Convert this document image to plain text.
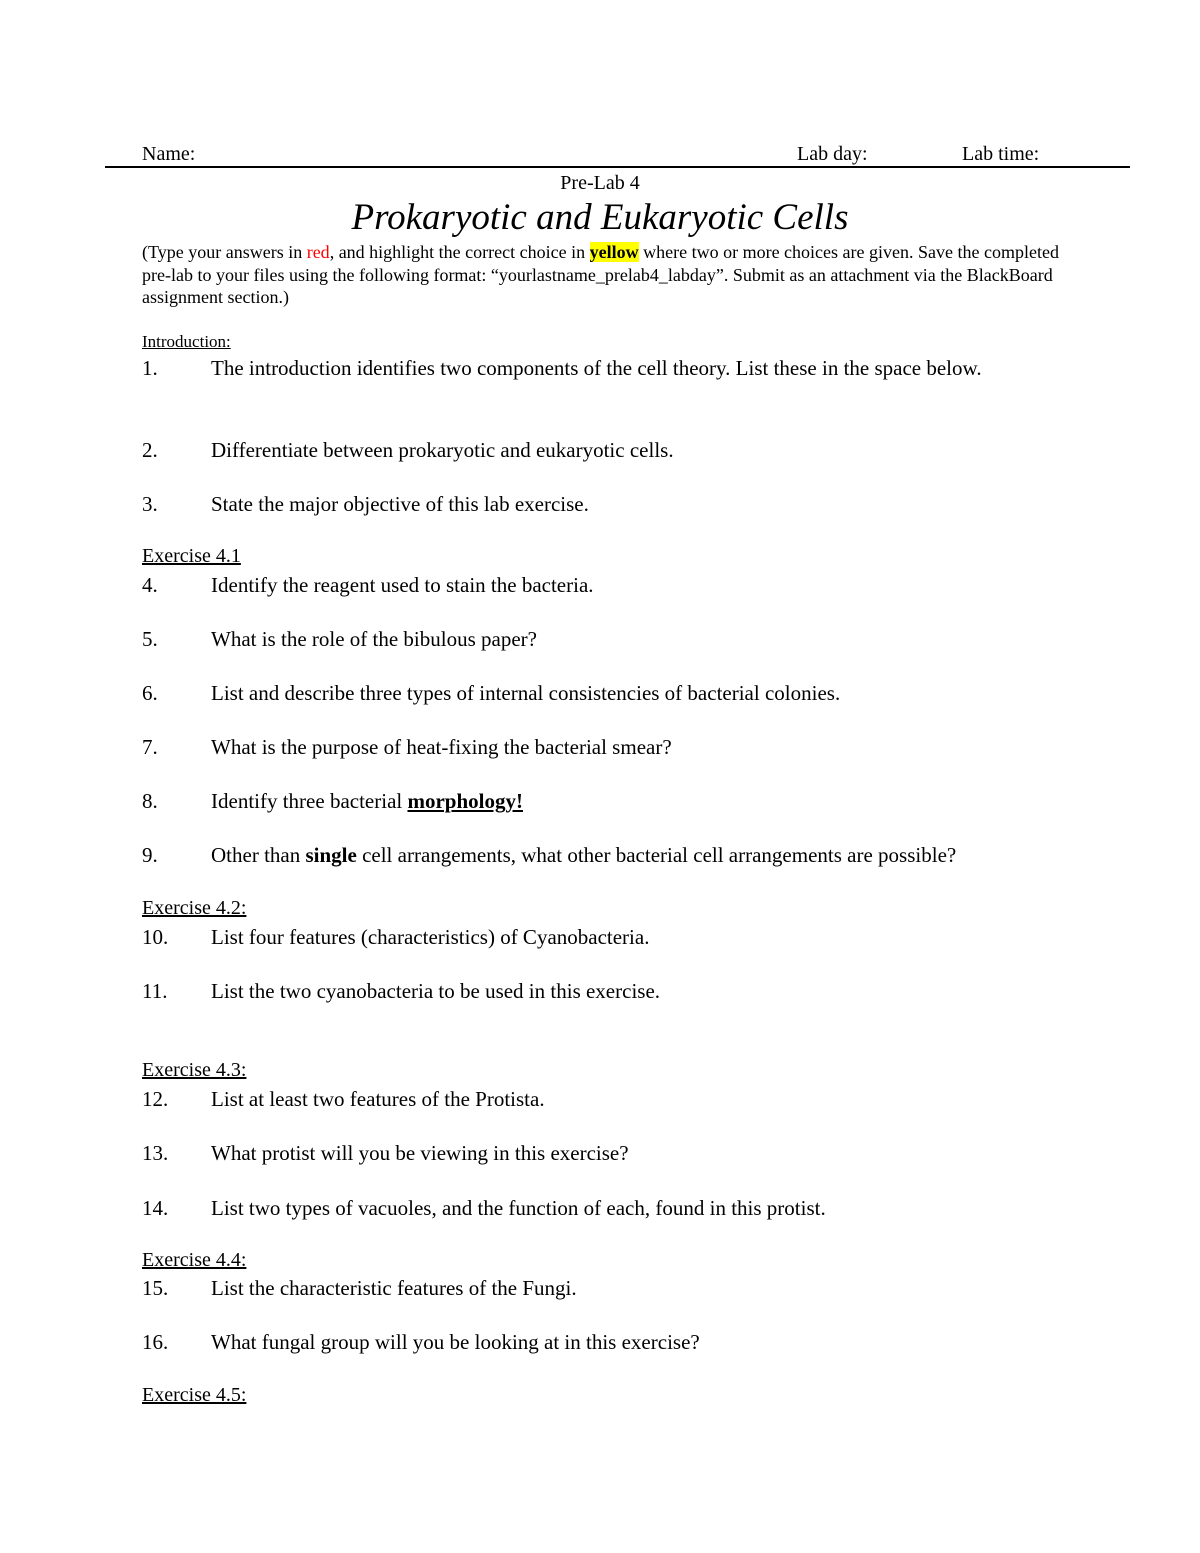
Name:	Lab day:	Lab time:
Pre-Lab 4
Prokaryotic and Eukaryotic Cells
(Type your answers in red, and highlight the correct choice in yellow where two or more choices are given. Save the completed pre-lab to your files using the following format: “yourlastname_prelab4_labday”. Submit as an attachment via the BlackBoard assignment section.)
Introduction:
1.	The introduction identifies two components of the cell theory. List these in the space below.
2.	Differentiate between prokaryotic and eukaryotic cells.
3.	State the major objective of this lab exercise.
Exercise 4.1
4.	Identify the reagent used to stain the bacteria.
5.	What is the role of the bibulous paper?
6.	List and describe three types of internal consistencies of bacterial colonies.
7.	What is the purpose of heat-fixing the bacterial smear?
8.	Identify three bacterial morphology!
9.	Other than single cell arrangements, what other bacterial cell arrangements are possible?
Exercise 4.2:
10. List four features (characteristics) of Cyanobacteria.
11. List the two cyanobacteria to be used in this exercise.
Exercise 4.3:
12. List at least two features of the Protista.
13. What protist will you be viewing in this exercise?
14. List two types of vacuoles, and the function of each, found in this protist.
Exercise 4.4:
15. List the characteristic features of the Fungi.
16. What fungal group will you be looking at in this exercise?
Exercise 4.5:
